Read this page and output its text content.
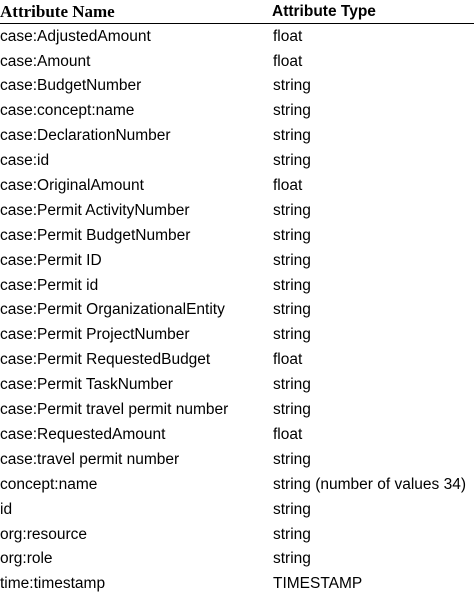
Attribute Name	Attribute Type
case:AdjustedAmount	float
case:Amount	float
case:BudgetNumber	string
case:concept:name	string
case:DeclarationNumber	string
case:id	string
case:OriginalAmount	float
case:Permit ActivityNumber	string
case:Permit BudgetNumber	string
case:Permit ID	string
case:Permit id	string
case:Permit OrganizationalEntity	string
case:Permit ProjectNumber	string
case:Permit RequestedBudget	float
case:Permit TaskNumber	string
case:Permit travel permit number	string
case:RequestedAmount	float
case:travel permit number	string
concept:name	string (number of values 34)
id	string
org:resource	string
org:role	string
time:timestamp	TIMESTAMP
